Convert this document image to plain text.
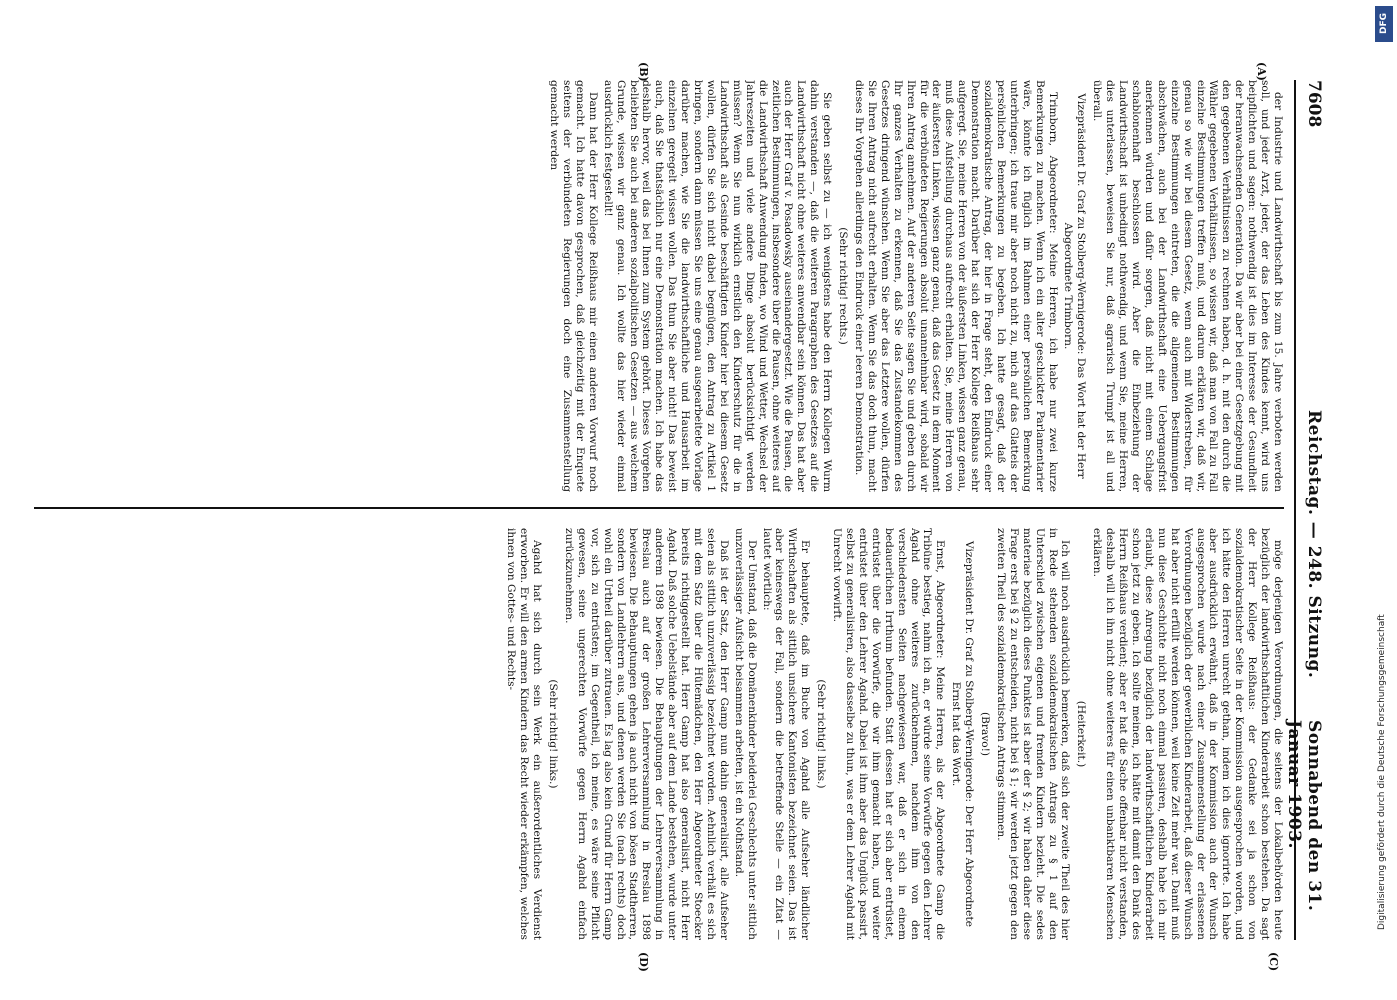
7608
Reichstag. — 248. Sitzung.
Sonnabend den 31. Januar 1903.
(A)
(B)
(C)
(D)

der Industrie und Landwirthschaft bis zum 15. Jahre verboten werden soll, und jeder Arzt, jeder, der das Leben des Kindes kennt, wird uns beipflichten und sagen: nothwendig ist dies im Interesse der Gesundheit der heranwachsenden Generation. Da wir aber bei einer Gesetzgebung mit den gegebenen Verhältnissen zu rechnen haben, d. h. mit den durch die Wähler gegebenen Verhältnissen, so wissen wir, daß man von Fall zu Fall einzelne Bestimmungen treffen muß, und darum erklären wir, daß wir, genau so wie wir bei diesem Gesetz, wenn auch mit Widerstreben, für einzelne Bestimmungen eintreten, die die allgemeinen Bestimmungen abschwächen, auch bei der Landwirthschaft eine Uebergangsfrist anerkennen würden und dafür sorgen, daß nicht mit einem Schlage schablonenhaft beschlossen wird. Aber die Einbeziehung der Landwirthschaft ist unbedingt nothwendig, und wenn Sie, meine Herren, dies unterlassen, beweisen Sie nur, daß agrarisch Trumpf ist all und überall.

Vizepräsident Dr. Graf zu Stolberg-Wernigerode: Das Wort hat der Herr Abgeordnete Trimborn.

Trimborn, Abgeordneter: Meine Herren, ich habe nur zwei kurze Bemerkungen zu machen. Wenn ich ein alter geschickter Parlamentarier wäre, könnte ich füglich im Rahmen einer persönlichen Bemerkung unterbringen; ich traue mir aber noch nicht zu, mich auf das Glatteis der persönlichen Bemerkungen zu begeben. Ich hatte gesagt, daß der sozialdemokratische Antrag, der hier in Frage steht, den Eindruck einer Demonstration macht. Darüber hat sich der Herr Kollege Reißhaus sehr aufgeregt. Sie, meine Herren von der äußersten Linken, wissen ganz genau, muß diese Aufstellung durchaus aufrecht erhalten. Sie, meine Herren von der äußersten Linken, wissen ganz genau, daß das Gesetz in dem Moment für die verbündeten Regierungen absolut unannehmbar wird, sobald wir Ihren Antrag annehmen. Auf der anderen Seite sagen Sie und geben durch Ihr ganzes Verhalten zu erkennen, daß Sie das Zustandekommen des Gesetzes dringend wünschen. Wenn Sie aber das Letztere wollen, dürfen Sie Ihren Antrag nicht aufrecht erhalten. Wenn Sie das doch thun, macht dieses Ihr Vorgehen allerdings den Eindruck einer leeren Demonstration.

(Sehr richtig! rechts.)

Sie geben selbst zu — ich wenigstens habe den Herrn Kollegen Wurm dahin verstanden —, daß die weiteren Paragraphen des Gesetzes auf die Landwirthschaft nicht ohne weiteres anwendbar sein können. Das hat aber auch der Herr Graf v. Posadowsky auseinandergesetzt. Wie die Pausen, die zeitlichen Bestimmungen, insbesondere über die Pausen, ohne weiteres auf die Landwirthschaft Anwendung finden, wo Wind und Wetter, Wechsel der Jahreszeiten und viele andere Dinge absolut berücksichtigt werden müssen? Wenn Sie nun wirklich ernstlich den Kinderschutz für die in Landwirthschaft als Gesinde beschäftigten Kinder hier bei diesem Gesetz wollen, dürfen Sie sich nicht dabei begnügen, den Antrag zu Artikel 1 bringen, sondern dann müssen Sie uns eine genau ausgearbeitete Vorlage darüber machen, wie Sie die landwirthschaftliche und Hausarbeit im einzelnen geregelt wissen wollen. Das thun Sie aber nicht! Das beweist auch, daß Sie thatsächlich nur eine Demonstration machen. Ich habe das deshalb hervor, weil das bei Ihnen zum System gehört. Dieses Vorgehen beliebten Sie auch bei anderen sozialpolitischen Gesetzen — aus welchem Grunde, wissen wir ganz genau. Ich wollte das hier wieder einmal ausdrücklich festgestellt!

Dann hat der Herr Kollege Reißhaus mir einen anderen Vorwurf noch gemacht. Ich hatte davon gesprochen, daß gleichzeitig mit der Enquete seitens der verbündeten Regierungen doch eine Zusammenstellung gemacht werden

möge derjenigen Verordnungen, die seitens der Lokalbehörden heute bezüglich der landwirthschaftlichen Kinderarbeit schon bestehen. Da sagt der Herr Kollege Reißhaus: der Gedanke sei ja schon von sozialdemokratischer Seite in der Kommission ausgesprochen worden, und ich hätte den Herren unrecht gethan, indem ich dies ignorirte. Ich habe aber ausdrücklich erwähnt, daß in der Kommission auch der Wunsch ausgesprochen wurde nach einer Zusammenstellung der erlassenen Verordnungen bezüglich der gewerblichen Kinderarbeit, daß dieser Wunsch hat aber nicht erfüllt werden können, weil keine Zeit mehr war. Damit muß nun diese Geschichte nicht noch einmal passiren, deshalb habe ich mir erlaubt, diese Anregung bezüglich der landwirthschaftlichen Kinderarbeit schon jetzt zu geben. Ich sollte meinen, ich hätte mit damit den Dank des Herrn Reißhaus verdient; aber er hat die Sache offenbar nicht verstanden, deshalb will ich ihn nicht ohne weiteres für einen unbanktbaren Menschen erklären.

(Heiterkeit.)

Ich will noch ausdrücklich bemerken, daß sich der zweite Theil des hier in Rede stehenden sozialdemokratischen Antrags zu § 1 auf den Unterschied zwischen eigenen und fremden Kindern bezieht. Die sedes materiae bezüglich dieses Punktes ist aber der § 2; wir haben daher diese Frage erst bei § 2 zu entscheiden, nicht bei § 1; wir werden jetzt gegen den zweiten Theil des sozialdemokratischen Antrags stimmen.

(Bravo!)

Vizepräsident Dr. Graf zu Stolberg-Wernigerode: Der Herr Abgeordnete Ernst hat das Wort.

Ernst, Abgeordneter: Meine Herren, als der Abgeordnete Gamp die Tribüne bestieg, nahm ich an, er würde seine Vorwürfe gegen den Lehrer Agahd ohne weiteres zurücknehmen, nachdem ihm von den verschiedensten Seiten nachgewiesen war, daß er sich in einem bedauerlichen Irrthum befunden. Statt dessen hat er sich aber entrüstet, entrüstet über die Vorwürfe, die wir ihm gemacht haben, und weiter entrüstet über den Lehrer Agahd. Dabei ist ihm aber das Unglück passirt, selbst zu generalisiren, also dasselbe zu thun, was er dem Lehrer Agahd mit Unrecht vorwirft.

(Sehr richtig! links.)

Er behauptete, daß im Buche von Agahd alle Aufseher ländlicher Wirthschaften als sittlich unsichere Kantonisten bezeichnet seien. Das ist aber keineswegs der Fall, sondern die betreffende Stelle — ein Zitat — lautet wörtlich:

Der Umstand, daß die Domänenkinder beiderlei Geschlechts unter sittlich unzuverlässiger Aufsicht beisammen arbeiten, ist ein Nothstand.

Daß ist der Satz, den Herr Gamp nun dahin generalisirt, alle Aufseher seien als sittlich unzuverlässig bezeichnet worden. Aehnlich verhält es sich mit dem Satz über die Hütemädchen, den Herr Abgeordneter Stoecker bereits richtiggestellt hat. Herr Gamp hat also generalisirt, nicht Herr Agahd. Daß solche Uebelstände aber auf dem Lande bestehen, wurde unter anderem 1898 bewiesen. Die Behauptungen der Lehrerversammlung in Breslau auch auf der großen Lehrerversammlung in Breslau 1898 bewiesen. Die Behauptungen gehen ja auch nicht von bösen Stadtherren, sondern von Landlehrern aus, und denen werden Sie (nach rechts) doch wohl ein Urtheil darüber zutrauen. Es lag also kein Grund für Herrn Gamp vor, sich zu entrüsten; im Gegentheil, ich meine, es wäre seine Pflicht gewesen, seine ungerechten Vorwürfe gegen Herrn Agahd einfach zurückzunehmen.

(Sehr richtig! links.)

Agahd hat sich durch sein Werk ein außerordentliches Verdienst erworben. Er will den armen Kindern das Recht wieder erkämpfen, welches ihnen von Gottes- und Rechts-

DFG
Digitalisierung gefördert durch die Deutsche Forschungsgemeinschaft
